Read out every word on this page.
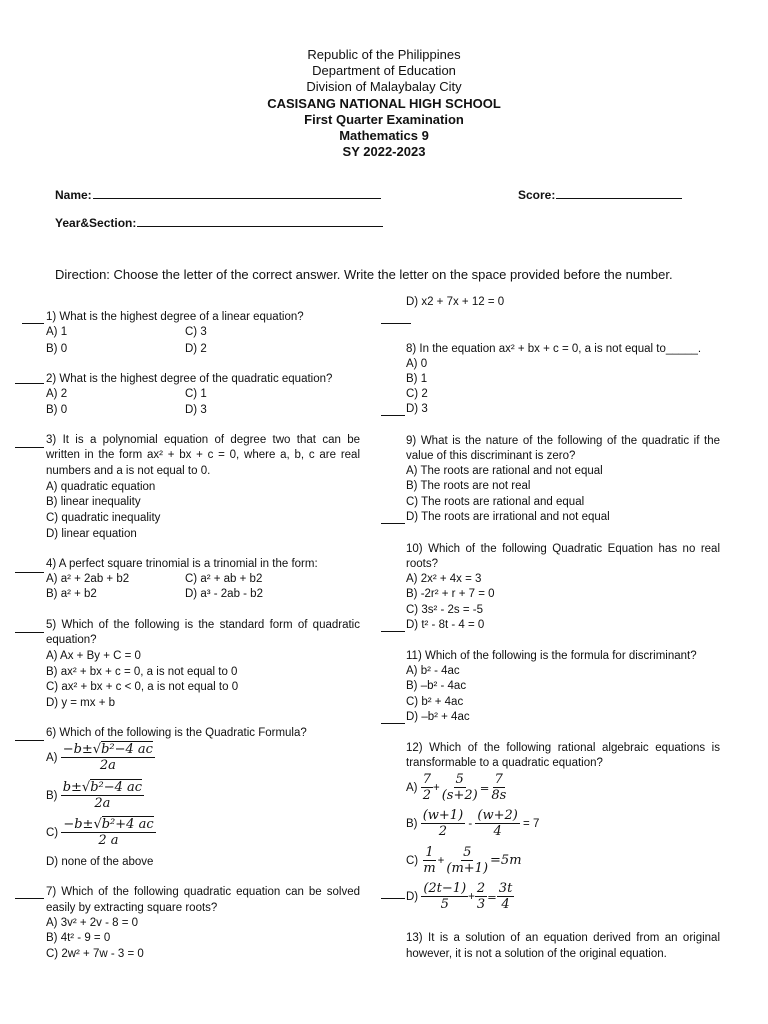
Republic of the Philippines
Department of Education
Division of Malaybalay City
CASISANG NATIONAL HIGH SCHOOL
First Quarter Examination
Mathematics 9
SY 2022-2023
Name:	Score:
Year&Section:
Direction: Choose the letter of the correct answer. Write the letter on the space provided before the number.
1) What is the highest degree of a linear equation?
A) 1	C) 3
B) 0	D) 2
2) What is the highest degree of the quadratic equation?
A) 2	C) 1
B) 0	D) 3
3) It is a polynomial equation of degree two that can be
written in the form ax² + bx + c = 0, where a, b, c are real
numbers and a is not equal to 0.
A) quadratic equation
B) linear inequality
C) quadratic inequality
D) linear equation
4) A perfect square trinomial is a trinomial in the form:
A) a² + 2ab + b2	C) a² + ab + b2
B) a² + b2	D) a³ - 2ab - b2
5) Which of the following is the standard form of quadratic
equation?
A) Ax + By + C = 0
B) ax² + bx + c = 0, a is not equal to 0
C) ax² + bx + c < 0, a is not equal to 0
D) y = mx + b
6) Which of the following is the Quadratic Formula?
A)
$\frac{\text{−b±√b²−4 ac}}{2a}$
B)
$\frac{\text{b±√b²−4 ac}}{2a}$
C)
$\frac{\text{−b±√b²+4 ac}}{2 a}$
D) none of the above
7) Which of the following quadratic equation can be solved
easily by extracting square roots?
A) 3v² + 2v - 8 = 0
B) 4t² - 9 = 0
C) 2w² + 7w - 3 = 0
D) x2 + 7x + 12 = 0
8) In the equation ax² + bx + c = 0, a is not equal to_____.
A) 0
B) 1
C) 2
D) 3
9) What is the nature of the following of the quadratic if the
value of this discriminant is zero?
A) The roots are rational and not equal
B) The roots are not real
C) The roots are rational and equal
D) The roots are irrational and not equal
10) Which of the following Quadratic Equation has no real
roots?
A) 2x² + 4x = 3
B) -2r² + r + 7 = 0
C) 3s² - 2s = -5
D) t² - 8t - 4 = 0
11) Which of the following is the formula for discriminant?
A) b² - 4ac
B) –b² - 4ac
C) b² + 4ac
D) –b² + 4ac
12) Which of the following rational algebraic equations is
transformable to a quadratic equation?
A)
$\frac{7}{2} + \frac{5}{(s+2)} = \frac{7}{8s}$
B)
$\frac{(w+1)}{2}$
-
$\frac{(w+2)}{4}$
= 7
C)
$\frac{1}{m} + \frac{5}{(m+1)} =5m$
D)
$\frac{(2t-1)}{5} + \frac{2}{3} = \frac{3t}{4}$
13) It is a solution of an equation derived from an original
however, it is not a solution of the original equation.
